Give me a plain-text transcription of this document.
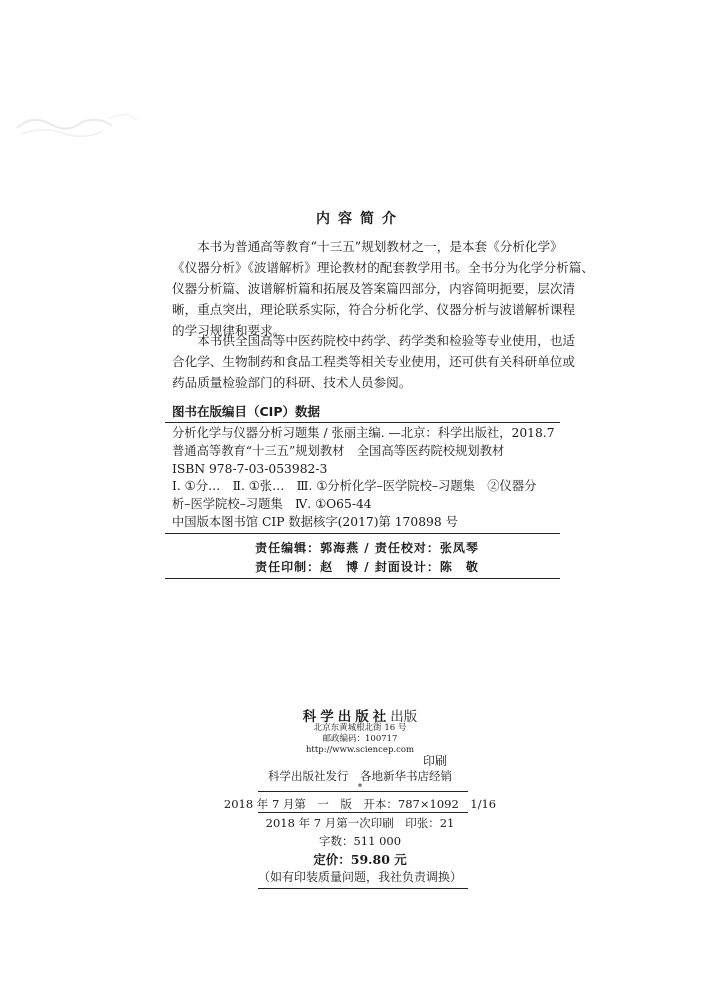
内容简介

本书为普通高等教育“十三五”规划教材之一，是本套《分析化学》
《仪器分析》《波谱解析》理论教材的配套教学用书。全书分为化学分析篇、
仪器分析篇、波谱解析篇和拓展及答案篇四部分，内容简明扼要，层次清
晰，重点突出，理论联系实际，符合分析化学、仪器分析与波谱解析课程
的学习规律和要求。

本书供全国高等中医药院校中药学、药学类和检验等专业使用，也适
合化学、生物制药和食品工程类等相关专业使用，还可供有关科研单位或
药品质量检验部门的科研、技术人员参阅。

图书在版编目（CIP）数据
分析化学与仪器分析习题集 / 张丽主编. —北京：科学出版社，2018.7
普通高等教育“十三五”规划教材　全国高等医药院校规划教材
ISBN 978-7-03-053982-3
Ⅰ. ①分…　Ⅱ. ①张…　Ⅲ. ①分析化学–医学院校–习题集　②仪器分
析–医学院校–习题集　Ⅳ. ①O65-44
中国版本图书馆 CIP 数据核字(2017)第 170898 号
责任编辑：郭海燕 / 责任校对：张凤琴
责任印制：赵　博 / 封面设计：陈　敬
科学出版社出版
北京东黄城根北街 16 号
邮政编码：100717
http://www.sciencep.com
印刷
科学出版社发行　各地新华书店经销
*
2018 年 7 月第　一　版　开本：787×1092　1/16
2018 年 7 月第一次印刷　印张：21
字数：511 000
定价：59.80 元
（如有印装质量问题，我社负责调换）
